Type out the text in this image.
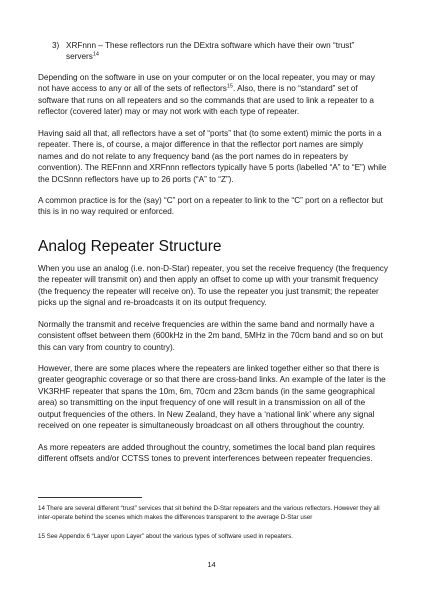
3) XRFnnn – These reflectors run the DExtra software which have their own “trust” servers$^{14}$

Depending on the software in use on your computer or on the local repeater, you may or may not have access to any or all of the sets of reflectors$^{15}$. Also, there is no “standard” set of software that runs on all repeaters and so the commands that are used to link a repeater to a reflector (covered later) may or may not work with each type of repeater.

Having said all that, all reflectors have a set of “ports” that (to some extent) mimic the ports in a repeater. There is, of course, a major difference in that the reflector port names are simply names and do not relate to any frequency band (as the port names do in repeaters by convention). The REFnnn and XRFnnn reflectors typically have 5 ports (labelled “A” to “E”) while the DCSnnn reflectors have up to 26 ports (“A” to “Z”).

A common practice is for the (say) “C” port on a repeater to link to the “C” port on a reflector but this is in no way required or enforced.

Analog Repeater Structure

When you use an analog (i.e. non-D-Star) repeater, you set the receive frequency (the frequency the repeater will transmit on) and then apply an offset to come up with your transmit frequency (the frequency the repeater will receive on). To use the repeater you just transmit; the repeater picks up the signal and re-broadcasts it on its output frequency.

Normally the transmit and receive frequencies are within the same band and normally have a consistent offset between them (600kHz in the 2m band, 5MHz in the 70cm band and so on but this can vary from country to country).

However, there are some places where the repeaters are linked together either so that there is greater geographic coverage or so that there are cross-band links. An example of the later is the VK3RHF repeater that spans the 10m, 6m, 70cm and 23cm bands (in the same geographical area) so transmitting on the input frequency of one will result in a transmission on all of the output frequencies of the others. In New Zealand, they have a ‘national link’ where any signal received on one repeater is simultaneously broadcast on all others throughout the country.

As more repeaters are added throughout the country, sometimes the local band plan requires different offsets and/or CCTSS tones to prevent interferences between repeater frequencies.

14 There are several different “trust” services that sit behind the D-Star repeaters and the various reflectors. However they all inter-operate behind the scenes which makes the differences transparent to the average D-Star user

15 See Appendix 6 “Layer upon Layer” about the various types of software used in repeaters.

14
